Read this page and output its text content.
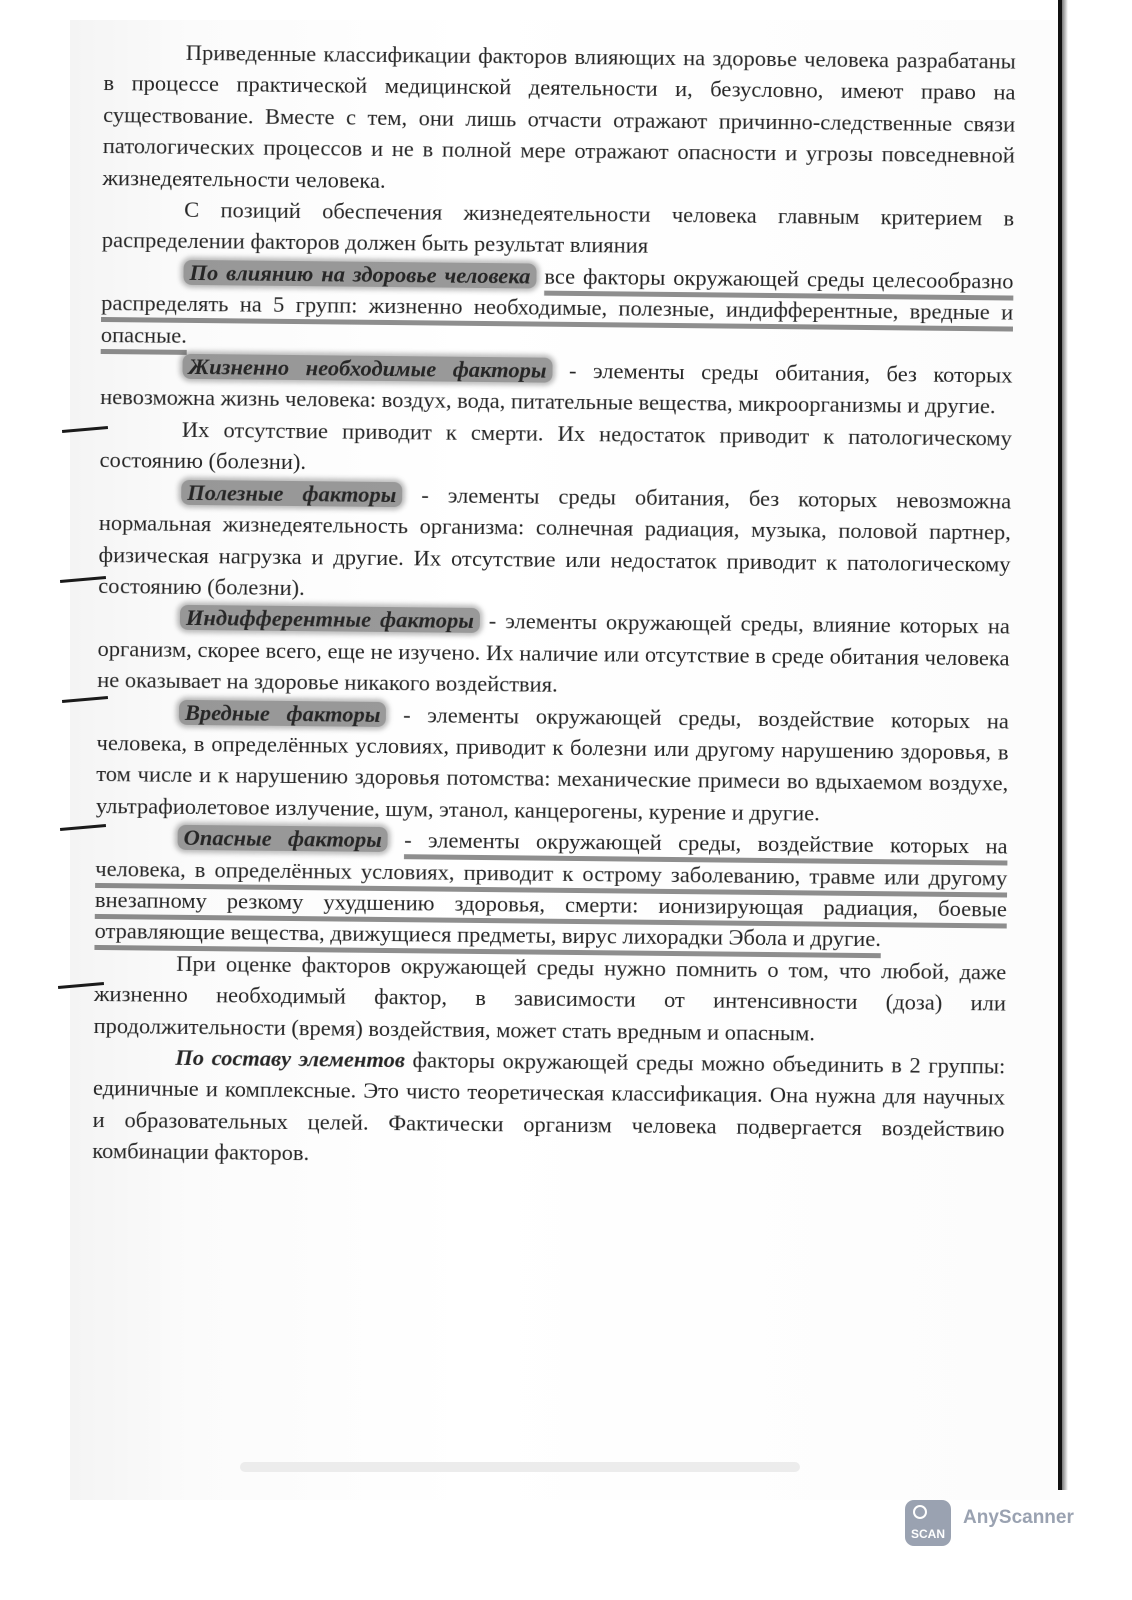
Приведенные классификации факторов влияющих на здоровье человека разрабатаны в процессе практической медицинской деятельности и, безусловно, имеют право на существование. Вместе с тем, они лишь отчасти отражают причинно-следственные связи патологических процессов и не в полной мере отражают опасности и угрозы повседневной жизнедеятельности человека.

С позиций обеспечения жизнедеятельности человека главным критерием в распределении факторов должен быть результат влияния

По влиянию на здоровье человека все факторы окружающей среды целесообразно распределять на 5 групп: жизненно необходимые, полезные, индифферентные, вредные и опасные.

Жизненно необходимые факторы - элементы среды обитания, без которых невозможна жизнь человека: воздух, вода, питательные вещества, микроорганизмы и другие.

Их отсутствие приводит к смерти. Их недостаток приводит к патологическому состоянию (болезни).

Полезные факторы - элементы среды обитания, без которых невозможна нормальная жизнедеятельность организма: солнечная радиация, музыка, половой партнер, физическая нагрузка и другие. Их отсутствие или недостаток приводит к патологическому состоянию (болезни).

Индифферентные факторы - элементы окружающей среды, влияние которых на организм, скорее всего, еще не изучено. Их наличие или отсутствие в среде обитания человека не оказывает на здоровье никакого воздействия.

Вредные факторы - элементы окружающей среды, воздействие которых на человека, в определённых условиях, приводит к болезни или другому нарушению здоровья, в том числе и к нарушению здоровья потомства: механические примеси во вдыхаемом воздухе, ультрафиолетовое излучение, шум, этанол, канцерогены, курение и другие.

Опасные факторы - элементы окружающей среды, воздействие которых на человека, в определённых условиях, приводит к острому заболеванию, травме или другому внезапному резкому ухудшению здоровья, смерти: ионизирующая радиация, боевые отравляющие вещества, движущиеся предметы, вирус лихорадки Эбола и другие.

При оценке факторов окружающей среды нужно помнить о том, что любой, даже жизненно необходимый фактор, в зависимости от интенсивности (доза) или продолжительности (время) воздействия, может стать вредным и опасным.

По составу элементов факторы окружающей среды можно объединить в 2 группы: единичные и комплексные. Это чисто теоретическая классификация. Она нужна для научных и образовательных целей. Фактически организм человека подвергается воздействию комбинации факторов.

SCAN
AnyScanner
